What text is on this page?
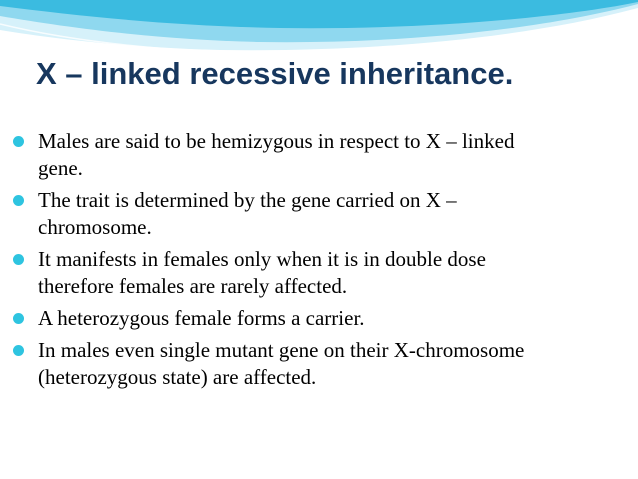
X – linked recessive inheritance.
Males are said to be hemizygous in respect to X – linked gene.
The trait is determined by the gene carried on X – chromosome.
It manifests in females only when it is in double dose therefore females are rarely affected.
A heterozygous female forms a carrier.
In males even single mutant gene on their X-chromosome (heterozygous state) are affected.
